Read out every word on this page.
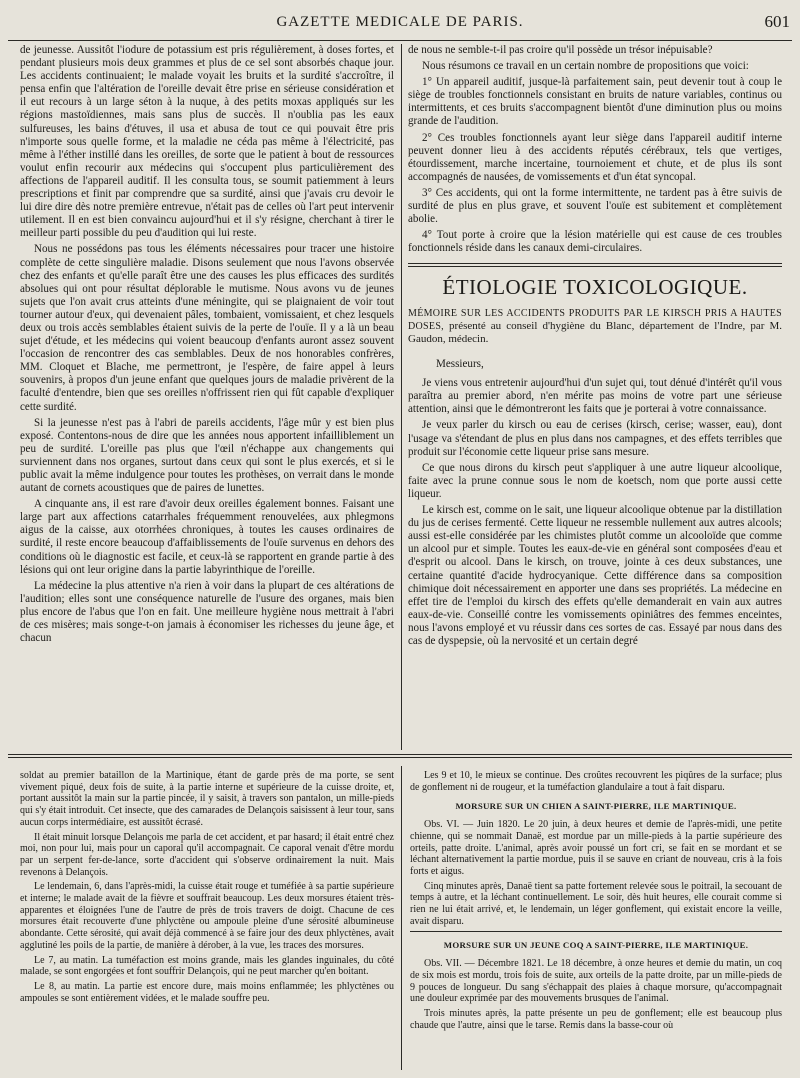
GAZETTE MEDICALE DE PARIS.	601

de jeunesse. Aussitôt l'iodure de potassium est pris régulièrement, à doses fortes, et pendant plusieurs mois deux grammes et plus de ce sel sont absorbés chaque jour. Les accidents continuaient; le malade voyait les bruits et la surdité s'accroître, il pensa enfin que l'altération de l'oreille devait être prise en sérieuse considération et il eut recours à un large séton à la nuque, à des petits moxas appliqués sur les régions mastoïdiennes, mais sans plus de succès. Il n'oublia pas les eaux sulfureuses, les bains d'étuves, il usa et abusa de tout ce qui pouvait être pris n'importe sous quelle forme, et la maladie ne céda pas même à l'électricité, pas même à l'éther instillé dans les oreilles, de sorte que le patient à bout de ressources voulut enfin recourir aux médecins qui s'occupent plus particulièrement des affections de l'appareil auditif. Il les consulta tous, se soumit patiemment à leurs prescriptions et finit par comprendre que sa surdité, ainsi que j'avais cru devoir le lui dire dire dès notre première entrevue, n'était pas de celles où l'art peut intervenir utilement. Il en est bien convaincu aujourd'hui et il s'y résigne, cherchant à tirer le meilleur parti possible du peu d'audition qui lui reste.

Nous ne possédons pas tous les éléments nécessaires pour tracer une histoire complète de cette singulière maladie. Disons seulement que nous l'avons observée chez des enfants et qu'elle paraît être une des causes les plus efficaces des surdités absolues qui ont pour résultat déplorable le mutisme. Nous avons vu de jeunes sujets que l'on avait crus atteints d'une méningite, qui se plaignaient de voir tout tourner autour d'eux, qui devenaient pâles, tombaient, vomissaient, et chez lesquels deux ou trois accès semblables étaient suivis de la perte de l'ouïe. Il y a là un beau sujet d'étude, et les médecins qui voient beaucoup d'enfants auront assez souvent l'occasion de rencontrer des cas semblables. Deux de nos honorables confrères, MM. Cloquet et Blache, me permettront, je l'espère, de faire appel à leurs souvenirs, à propos d'un jeune enfant que quelques jours de maladie privèrent de la faculté d'entendre, bien que ses oreilles n'offrissent rien qui fût capable d'expliquer cette surdité.

Si la jeunesse n'est pas à l'abri de pareils accidents, l'âge mûr y est bien plus exposé. Contentons-nous de dire que les années nous apportent infailliblement un peu de surdité. L'oreille pas plus que l'œil n'échappe aux changements qui surviennent dans nos organes, surtout dans ceux qui sont le plus exercés, et si le public avait la même indulgence pour toutes les prothèses, on verrait dans le monde autant de cornets acoustiques que de paires de lunettes.

A cinquante ans, il est rare d'avoir deux oreilles également bonnes. Faisant une large part aux affections catarrhales fréquemment renouvelées, aux phlegmons aigus de la caisse, aux otorrhées chroniques, à toutes les causes ordinaires de surdité, il reste encore beaucoup d'affaiblissements de l'ouïe survenus en dehors des conditions où le diagnostic est facile, et ceux-là se rapportent en grande partie à des lésions qui ont leur origine dans la partie labyrinthique de l'oreille.

La médecine la plus attentive n'a rien à voir dans la plupart de ces altérations de l'audition; elles sont une conséquence naturelle de l'usure des organes, mais bien plus encore de l'abus que l'on en fait. Une meilleure hygiène nous mettrait à l'abri de ces misères; mais songe-t-on jamais à économiser les richesses du jeune âge, et chacun

de nous ne semble-t-il pas croire qu'il possède un trésor inépuisable?

Nous résumons ce travail en un certain nombre de propositions que voici:

1° Un appareil auditif, jusque-là parfaitement sain, peut devenir tout à coup le siège de troubles fonctionnels consistant en bruits de nature variables, continus ou intermittents, et ces bruits s'accompagnent bientôt d'une diminution plus ou moins grande de l'audition.

2° Ces troubles fonctionnels ayant leur siège dans l'appareil auditif interne peuvent donner lieu à des accidents réputés cérébraux, tels que vertiges, étourdissement, marche incertaine, tournoiement et chute, et de plus ils sont accompagnés de nausées, de vomissements et d'un état syncopal.

3° Ces accidents, qui ont la forme intermittente, ne tardent pas à être suivis de surdité de plus en plus grave, et souvent l'ouïe est subitement et complètement abolie.

4° Tout porte à croire que la lésion matérielle qui est cause de ces troubles fonctionnels réside dans les canaux demi-circulaires.

ÉTIOLOGIE TOXICOLOGIQUE.

MÉMOIRE SUR LES ACCIDENTS PRODUITS PAR LE KIRSCH PRIS A HAUTES DOSES, présenté au conseil d'hygiène du Blanc, département de l'Indre, par M. Gaudon, médecin.

Messieurs,

Je viens vous entretenir aujourd'hui d'un sujet qui, tout dénué d'intérêt qu'il vous paraîtra au premier abord, n'en mérite pas moins de votre part une sérieuse attention, ainsi que le démontreront les faits que je porterai à votre connaissance.

Je veux parler du kirsch ou eau de cerises (kirsch, cerise; wasser, eau), dont l'usage va s'étendant de plus en plus dans nos campagnes, et des effets terribles que produit sur l'économie cette liqueur prise sans mesure.

Ce que nous dirons du kirsch peut s'appliquer à une autre liqueur alcoolique, faite avec la prune connue sous le nom de koetsch, nom que porte aussi cette liqueur.

Le kirsch est, comme on le sait, une liqueur alcoolique obtenue par la distillation du jus de cerises fermenté. Cette liqueur ne ressemble nullement aux autres alcools; aussi est-elle considérée par les chimistes plutôt comme un alcooloïde que comme un alcool pur et simple. Toutes les eaux-de-vie en général sont composées d'eau et d'esprit ou alcool. Dans le kirsch, on trouve, jointe à ces deux substances, une certaine quantité d'acide hydrocyanique. Cette différence dans sa composition chimique doit nécessairement en apporter une dans ses propriétés. La médecine en effet tire de l'emploi du kirsch des effets qu'elle demanderait en vain aux autres eaux-de-vie. Conseillé contre les vomissements opiniâtres des femmes enceintes, nous l'avons employé et vu réussir dans ces sortes de cas. Essayé par nous dans des cas de dyspepsie, où la nervosité et un certain degré

soldat au premier bataillon de la Martinique, étant de garde près de ma porte, se sent vivement piqué, deux fois de suite, à la partie interne et supérieure de la cuisse droite, et, portant aussitôt la main sur la partie pincée, il y saisit, à travers son pantalon, un mille-pieds qui s'y était introduit. Cet insecte, que des camarades de Delançois saisissent à leur tour, sans aucun corps intermédiaire, est aussitôt écrasé.

Il était minuit lorsque Delançois me parla de cet accident, et par hasard; il était entré chez moi, non pour lui, mais pour un caporal qu'il accompagnait. Ce caporal venait d'être mordu par un serpent fer-de-lance, sorte d'accident qui s'observe ordinairement la nuit. Mais revenons à Delançois.

Le lendemain, 6, dans l'après-midi, la cuisse était rouge et tuméfiée à sa partie supérieure et interne; le malade avait de la fièvre et souffrait beaucoup. Les deux morsures étaient très-apparentes et éloignées l'une de l'autre de près de trois travers de doigt. Chacune de ces morsures était recouverte d'une phlyctène ou ampoule pleine d'une sérosité albumineuse abondante. Cette sérosité, qui avait déjà commencé à se faire jour des deux phlyctènes, avait agglutiné les poils de la partie, de manière à dérober, à la vue, les traces des morsures.

Le 7, au matin. La tuméfaction est moins grande, mais les glandes inguinales, du côté malade, se sont engorgées et font souffrir Delançois, qui ne peut marcher qu'en boitant.

Le 8, au matin. La partie est encore dure, mais moins enflammée; les phlyctènes ou ampoules se sont entièrement vidées, et le malade souffre peu.

Les 9 et 10, le mieux se continue. Des croûtes recouvrent les piqûres de la surface; plus de gonflement ni de rougeur, et la tuméfaction glandulaire a tout à fait disparu.

MORSURE SUR UN CHIEN A SAINT-PIERRE, ILE MARTINIQUE.

Obs. VI. — Juin 1820. Le 20 juin, à deux heures et demie de l'après-midi, une petite chienne, qui se nommait Danaë, est mordue par un mille-pieds à la partie supérieure des orteils, patte droite. L'animal, après avoir poussé un fort cri, se fait en se mordant et se léchant alternativement la partie mordue, puis il se sauve en criant de nouveau, cris à la fois forts et aigus.

Cinq minutes après, Danaë tient sa patte fortement relevée sous le poitrail, la secouant de temps à autre, et la léchant continuellement. Le soir, dès huit heures, elle courait comme si rien ne lui était arrivé, et, le lendemain, un léger gonflement, qui existait encore la veille, avait disparu.

MORSURE SUR UN JEUNE COQ A SAINT-PIERRE, ILE MARTINIQUE.

Obs. VII. — Décembre 1821. Le 18 décembre, à onze heures et demie du matin, un coq de six mois est mordu, trois fois de suite, aux orteils de la patte droite, par un mille-pieds de 9 pouces de longueur. Du sang s'échappait des plaies à chaque morsure, qu'accompagnait une douleur exprimée par des mouvements brusques de l'animal.

Trois minutes après, la patte présente un peu de gonflement; elle est beaucoup plus chaude que l'autre, ainsi que le tarse. Remis dans la basse-cour où
